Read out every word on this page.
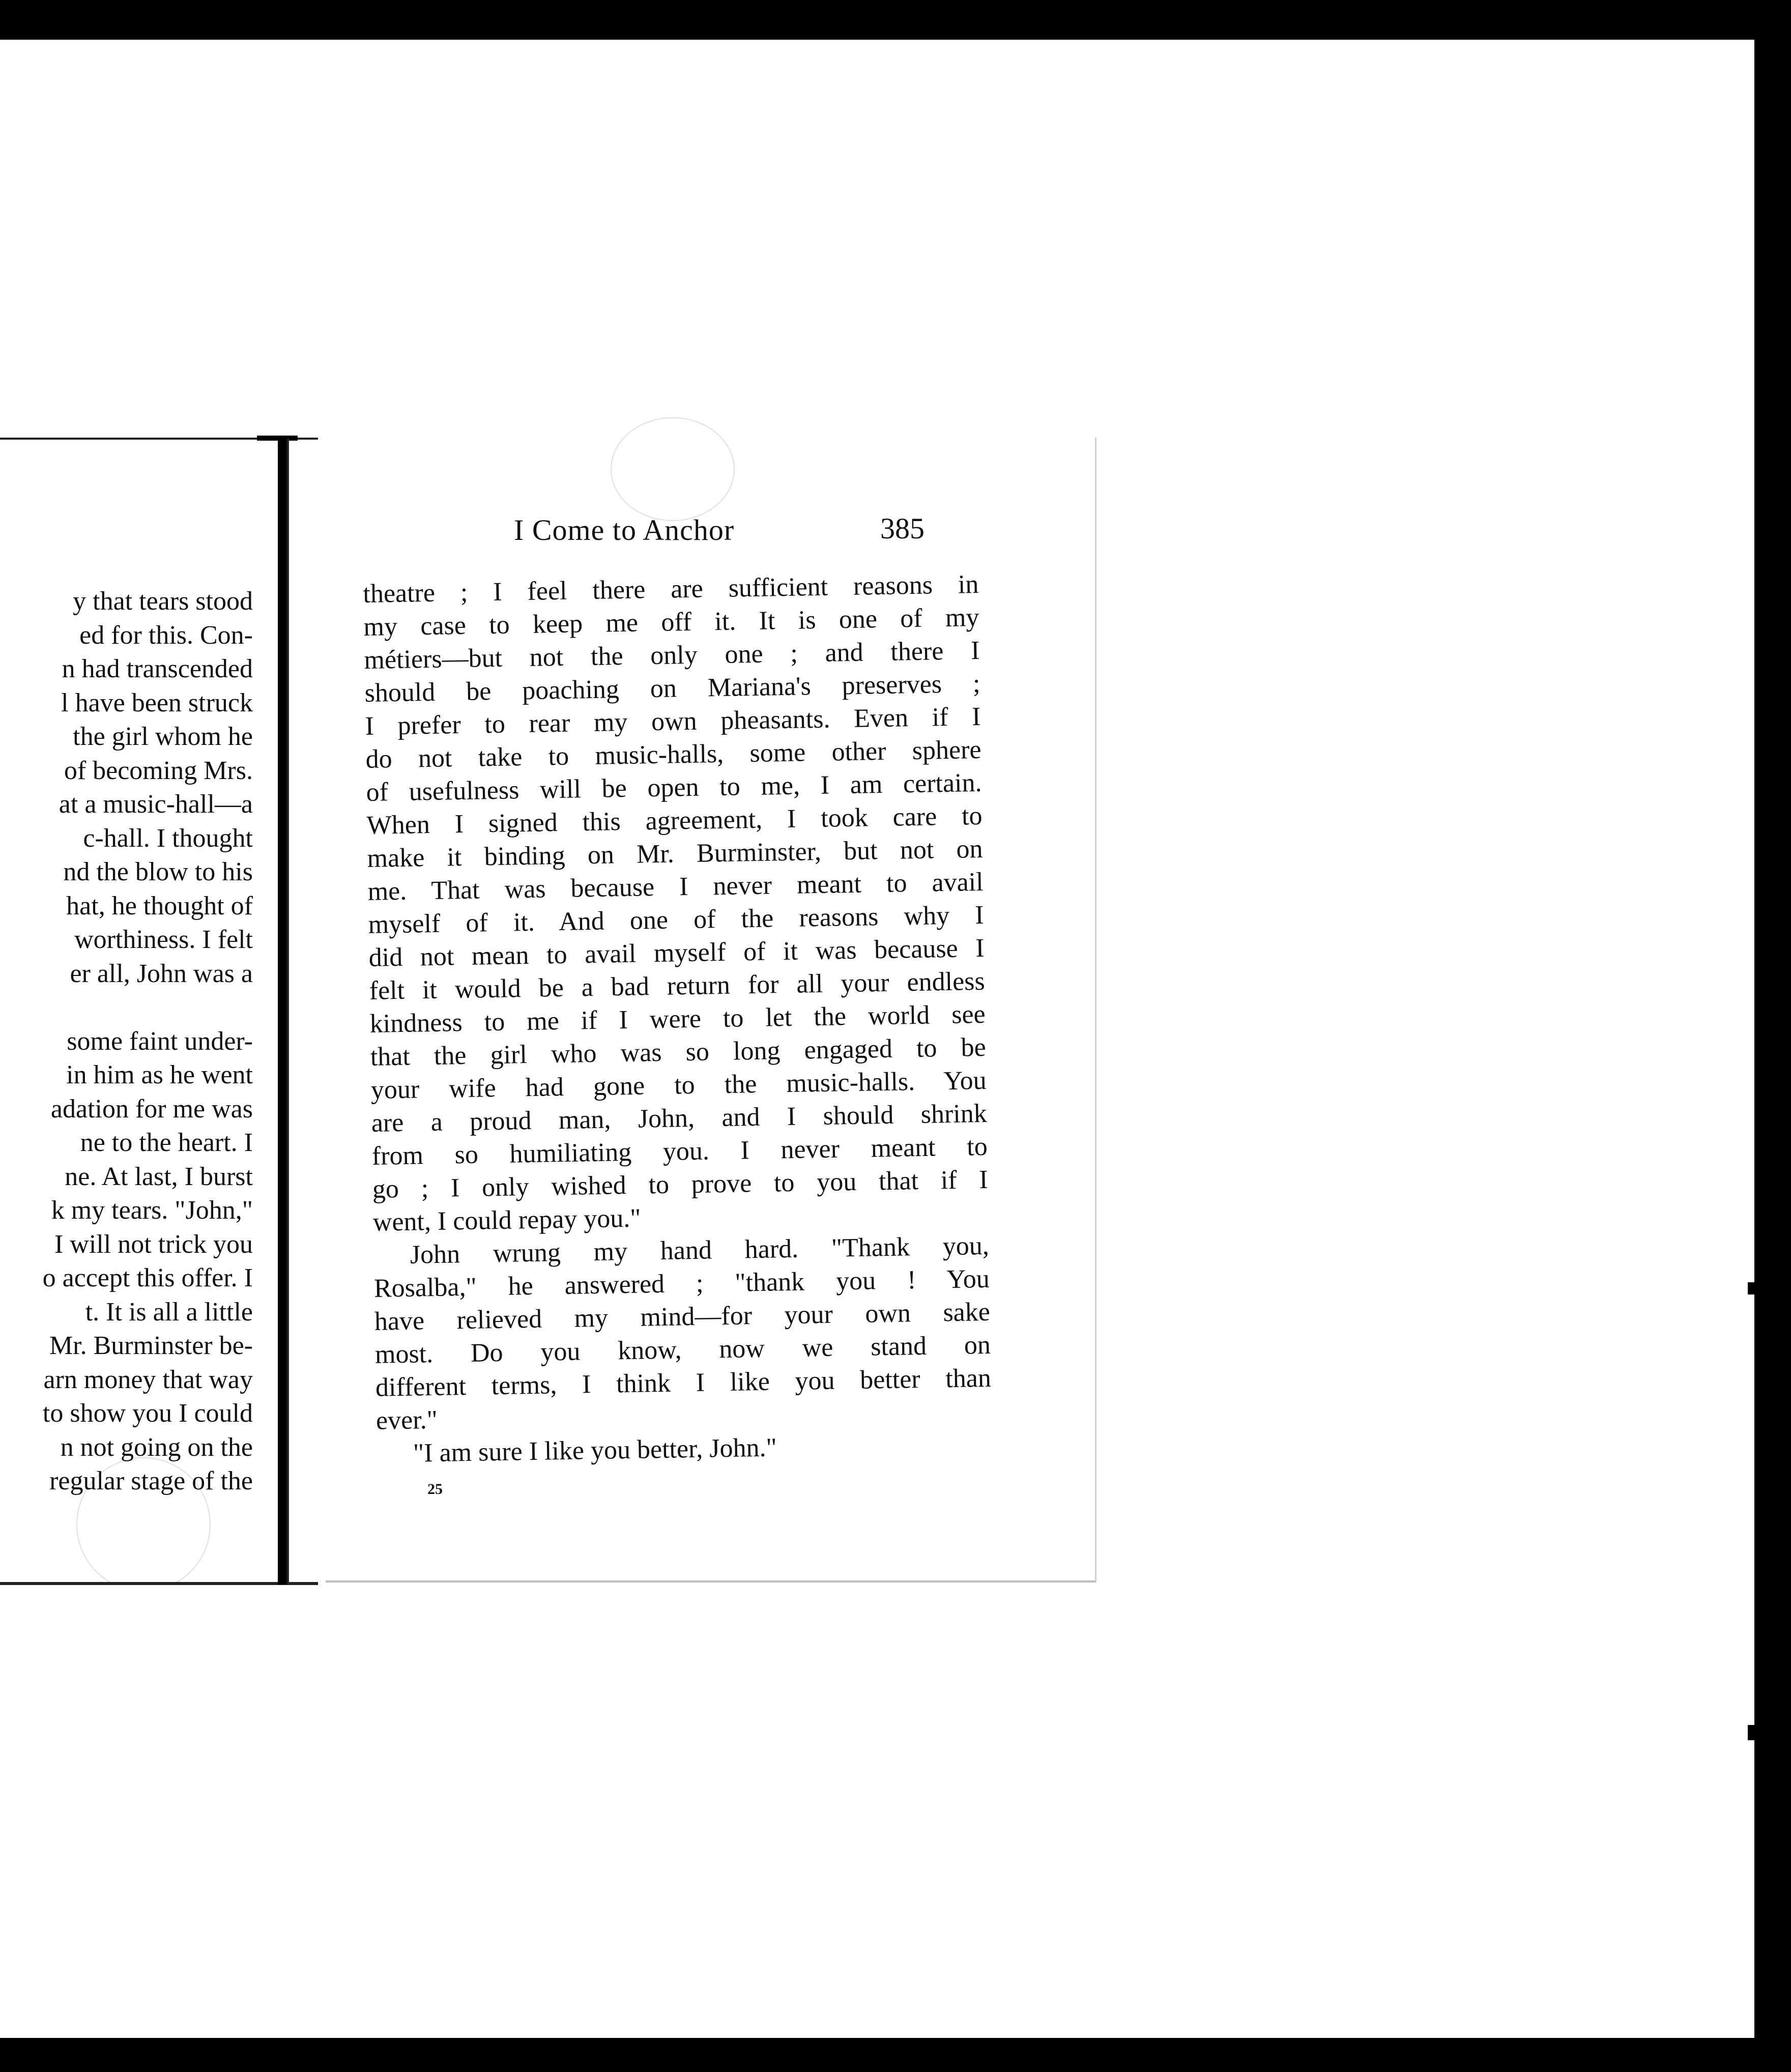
y that tears stood
ed for this. Con-
n had transcended
l have been struck
the girl whom he
of becoming Mrs.
at a music-hall—a
c-hall. I thought
nd the blow to his
hat, he thought of
worthiness. I felt
er all, John was a
some faint under-
in him as he went
adation for me was
ne to the heart. I
ne. At last, I burst
k my tears. "John,"
I will not trick you
o accept this offer. I
t. It is all a little
Mr. Burminster be-
arn money that way
to show you I could
n not going on the
regular stage of the
I Come to Anchor	385
theatre ; I feel there are sufficient reasons in
my case to keep me off it. It is one of my
métiers—but not the only one ; and there I
should be poaching on Mariana's preserves ;
I prefer to rear my own pheasants. Even if I
do not take to music-halls, some other sphere
of usefulness will be open to me, I am certain.
When I signed this agreement, I took care to
make it binding on Mr. Burminster, but not on
me. That was because I never meant to avail
myself of it. And one of the reasons why I
did not mean to avail myself of it was because I
felt it would be a bad return for all your endless
kindness to me if I were to let the world see
that the girl who was so long engaged to be
your wife had gone to the music-halls. You
are a proud man, John, and I should shrink
from so humiliating you. I never meant to
go ; I only wished to prove to you that if I
went, I could repay you."
John wrung my hand hard. "Thank you,
Rosalba," he answered ; "thank you ! You
have relieved my mind—for your own sake
most. Do you know, now we stand on
different terms, I think I like you better than
ever."
"I am sure I like you better, John."
25
